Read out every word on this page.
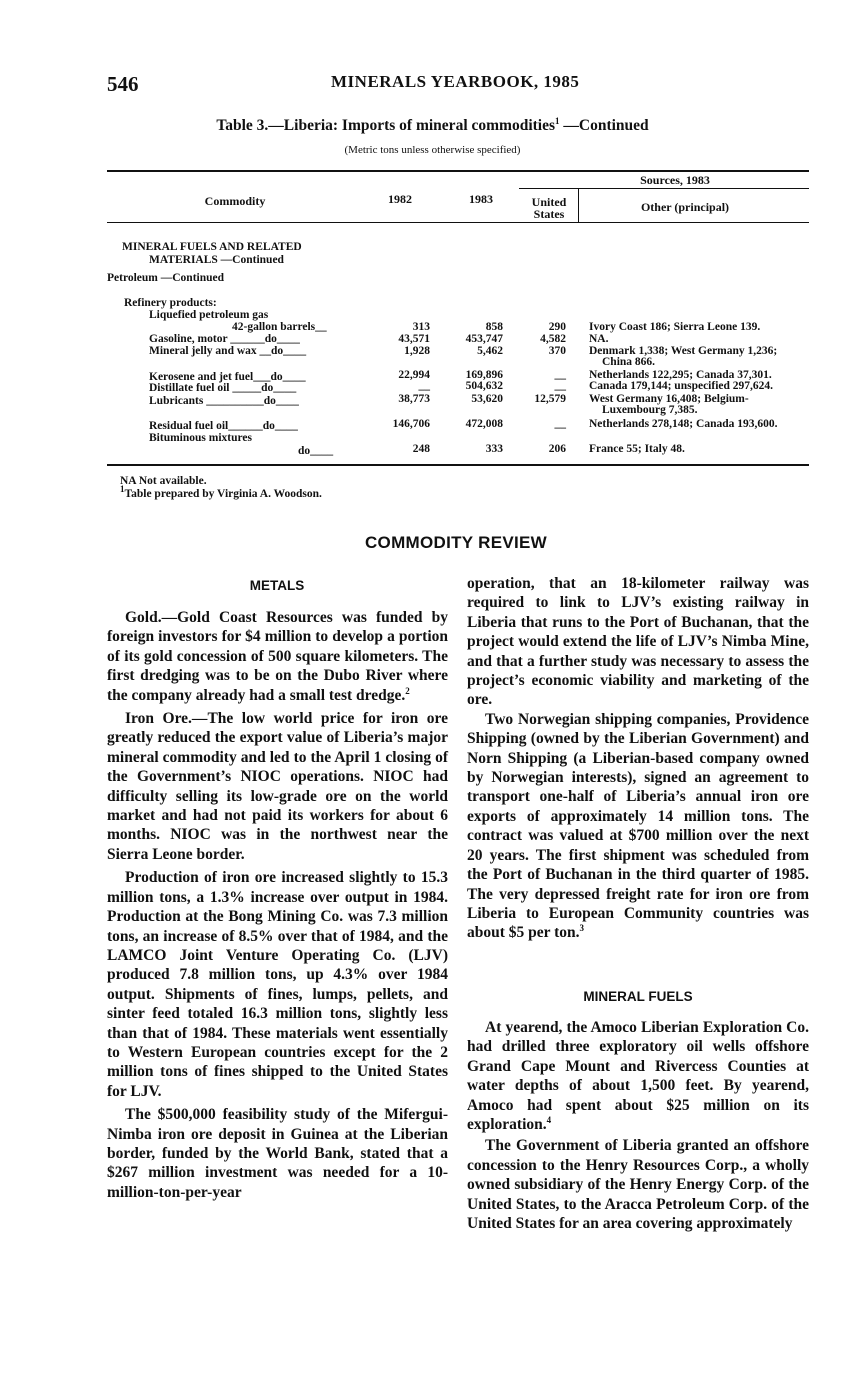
546	MINERALS YEARBOOK, 1985
Table 3.—Liberia: Imports of mineral commodities$^1$ —Continued
(Metric tons unless otherwise specified)
Commodity	1982	1983
Sources, 1983
United
States	Other (principal)
MINERAL FUELS AND RELATED
MATERIALS —Continued
Petroleum —Continued
Refinery products:
Liquefied petroleum gas
42-gallon barrels__	313	858	290 Ivory Coast 186; Sierra Leone 139.
Gasoline, motor ______do____	43,571	453,747	4,582 NA.
Mineral jelly and wax __do____	1,928	5,462	370 Denmark 1,338; West Germany 1,236;
China 866.
Kerosene and jet fuel___do____	22,994	169,896	__ Netherlands 122,295; Canada 37,301.
Distillate fuel oil _____do____	__	504,632	__ Canada 179,144; unspecified 297,624.
Lubricants __________do____	38,773	53,620	12,579 West Germany 16,408; Belgium-
Luxembourg 7,385.
Residual fuel oil______do____	146,706	472,008	__ Netherlands 278,148; Canada 193,600.
Bituminous mixtures
do____	248	333	206 France 55; Italy 48.
NA Not available.
$^1$Table prepared by Virginia A. Woodson.
COMMODITY REVIEW
METALS

Gold.—Gold Coast Resources was funded by foreign investors for $4 million to develop a portion of its gold concession of 500 square kilometers. The first dredging was to be on the Dubo River where the company already had a small test dredge.$^2$

Iron Ore.—The low world price for iron ore greatly reduced the export value of Liberia’s major mineral commodity and led to the April 1 closing of the Government’s NIOC operations. NIOC had difficulty selling its low-grade ore on the world market and had not paid its workers for about 6 months. NIOC was in the northwest near the Sierra Leone border.

Production of iron ore increased slightly to 15.3 million tons, a 1.3% increase over output in 1984. Production at the Bong Mining Co. was 7.3 million tons, an increase of 8.5% over that of 1984, and the LAMCO Joint Venture Operating Co. (LJV) produced 7.8 million tons, up 4.3% over 1984 output. Shipments of fines, lumps, pellets, and sinter feed totaled 16.3 million tons, slightly less than that of 1984. These materials went essentially to Western European countries except for the 2 million tons of fines shipped to the United States for LJV.

The $500,000 feasibility study of the Mifergui-Nimba iron ore deposit in Guinea at the Liberian border, funded by the World Bank, stated that a $267 million investment was needed for a 10-million-ton-per-year

operation, that an 18-kilometer railway was required to link to LJV’s existing railway in Liberia that runs to the Port of Buchanan, that the project would extend the life of LJV’s Nimba Mine, and that a further study was necessary to assess the project’s economic viability and marketing of the ore.

Two Norwegian shipping companies, Providence Shipping (owned by the Liberian Government) and Norn Shipping (a Liberian-based company owned by Norwegian interests), signed an agreement to transport one-half of Liberia’s annual iron ore exports of approximately 14 million tons. The contract was valued at $700 million over the next 20 years. The first shipment was scheduled from the Port of Buchanan in the third quarter of 1985. The very depressed freight rate for iron ore from Liberia to European Community countries was about $5 per ton.$^3$

MINERAL FUELS

At yearend, the Amoco Liberian Exploration Co. had drilled three exploratory oil wells offshore Grand Cape Mount and Rivercess Counties at water depths of about 1,500 feet. By yearend, Amoco had spent about $25 million on its exploration.$^4$

The Government of Liberia granted an offshore concession to the Henry Resources Corp., a wholly owned subsidiary of the Henry Energy Corp. of the United States, to the Aracca Petroleum Corp. of the United States for an area covering approximately
